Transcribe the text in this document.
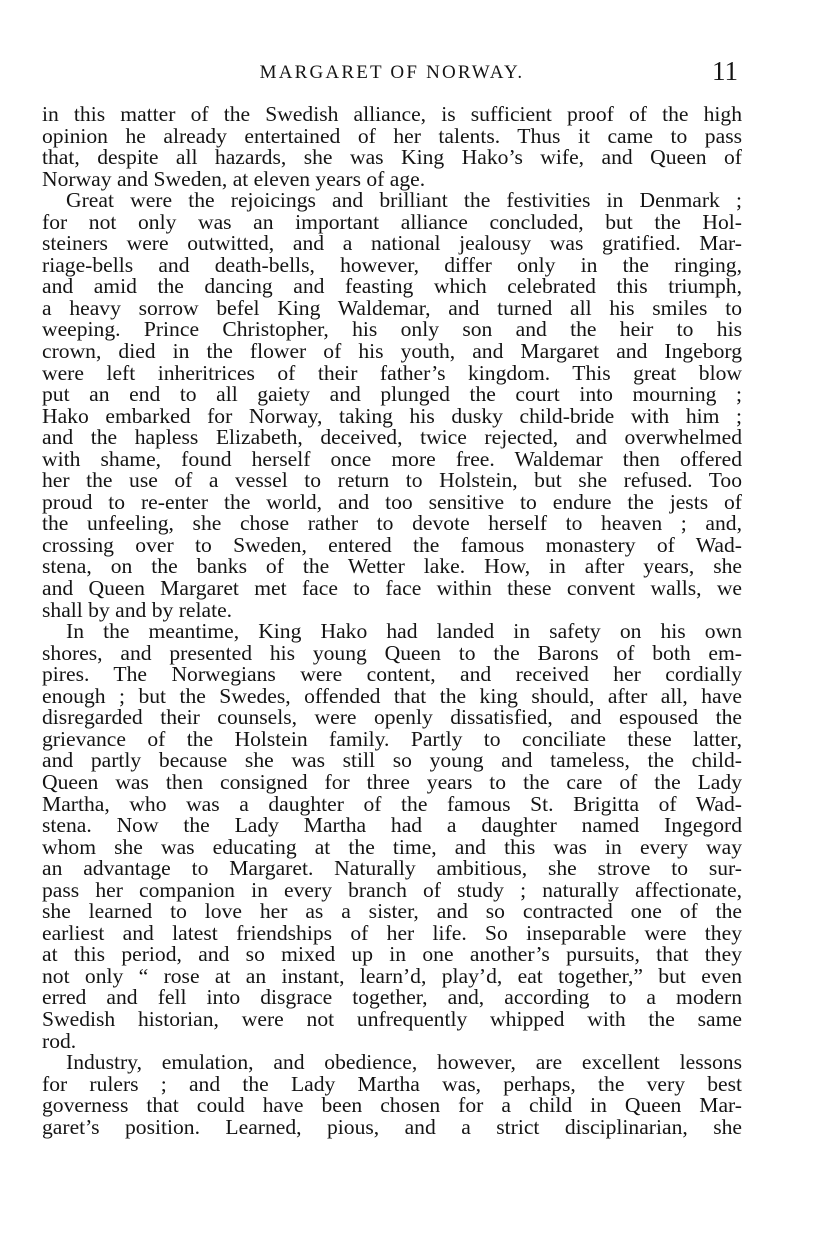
MARGARET OF NORWAY.	11
in this matter of the Swedish alliance, is sufficient proof of the high
opinion he already entertained of her talents. Thus it came to pass
that, despite all hazards, she was King Hako’s wife, and Queen of
Norway and Sweden, at eleven years of age.
Great were the rejoicings and brilliant the festivities in Denmark ;
for not only was an important alliance concluded, but the Hol-
steiners were outwitted, and a national jealousy was gratified. Mar-
riage-bells and death-bells, however, differ only in the ringing,
and amid the dancing and feasting which celebrated this triumph,
a heavy sorrow befel King Waldemar, and turned all his smiles to
weeping. Prince Christopher, his only son and the heir to his
crown, died in the flower of his youth, and Margaret and Ingeborg
were left inheritrices of their father’s kingdom. This great blow
put an end to all gaiety and plunged the court into mourning ;
Hako embarked for Norway, taking his dusky child-bride with him ;
and the hapless Elizabeth, deceived, twice rejected, and overwhelmed
with shame, found herself once more free. Waldemar then offered
her the use of a vessel to return to Holstein, but she refused. Too
proud to re-enter the world, and too sensitive to endure the jests of
the unfeeling, she chose rather to devote herself to heaven ; and,
crossing over to Sweden, entered the famous monastery of Wad-
stena, on the banks of the Wetter lake. How, in after years, she
and Queen Margaret met face to face within these convent walls, we
shall by and by relate.
In the meantime, King Hako had landed in safety on his own
shores, and presented his young Queen to the Barons of both em-
pires. The Norwegians were content, and received her cordially
enough ; but the Swedes, offended that the king should, after all, have
disregarded their counsels, were openly dissatisfied, and espoused the
grievance of the Holstein family. Partly to conciliate these latter,
and partly because she was still so young and tameless, the child-
Queen was then consigned for three years to the care of the Lady
Martha, who was a daughter of the famous St. Brigitta of Wad-
stena. Now the Lady Martha had a daughter named Ingegord
whom she was educating at the time, and this was in every way
an advantage to Margaret. Naturally ambitious, she strove to sur-
pass her companion in every branch of study ; naturally affectionate,
she learned to love her as a sister, and so contracted one of the
earliest and latest friendships of her life. So insepɑrable were they
at this period, and so mixed up in one another’s pursuits, that they
not only “ rose at an instant, learn’d, play’d, eat together,” but even
erred and fell into disgrace together, and, according to a modern
Swedish historian, were not unfrequently whipped with the same
rod.
Industry, emulation, and obedience, however, are excellent lessons
for rulers ; and the Lady Martha was, perhaps, the very best
governess that could have been chosen for a child in Queen Mar-
garet’s position. Learned, pious, and a strict disciplinarian, she
